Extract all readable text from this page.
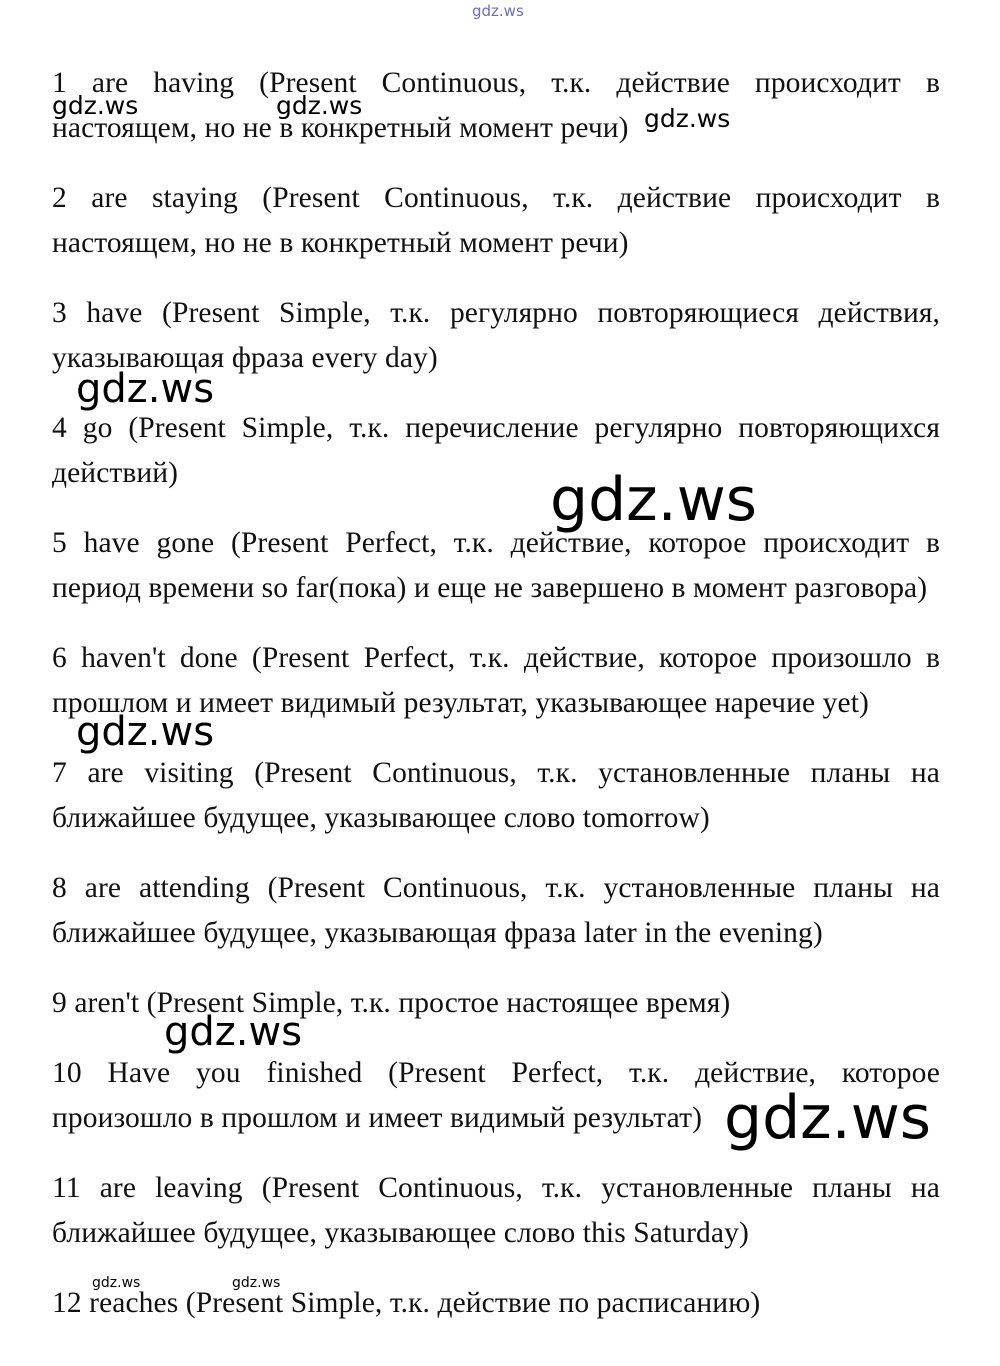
1 are having (Present Continuous, т.к. действие происходит в настоящем, но не в конкретный момент речи)

2 are staying (Present Continuous, т.к. действие происходит в настоящем, но не в конкретный момент речи)

3 have (Present Simple, т.к. регулярно повторяющиеся действия, указывающая фраза every day)

4 go (Present Simple, т.к. перечисление регулярно повторяющихся действий)

5 have gone (Present Perfect, т.к. действие, которое происходит в период времени so far(пока) и еще не завершено в момент разговора)

6 haven't done (Present Perfect, т.к. действие, которое произошло в прошлом и имеет видимый результат, указывающее наречие yet)

7 are visiting (Present Continuous, т.к. установленные планы на ближайшее будущее, указывающее слово tomorrow)

8 are attending (Present Continuous, т.к. установленные планы на ближайшее будущее, указывающая фраза later in the evening)

9 aren't (Present Simple, т.к. простое настоящее время)

10 Have you finished (Present Perfect, т.к. действие, которое произошло в прошлом и имеет видимый результат)

11 are leaving (Present Continuous, т.к. установленные планы на ближайшее будущее, указывающее слово this Saturday)

12 reaches (Present Simple, т.к. действие по расписанию)

gdz.ws
gdz.ws	gdz.ws	gdz.ws
gdz.ws
gdz.ws
gdz.ws
gdz.ws
gdz.ws
gdz.ws	gdz.ws
